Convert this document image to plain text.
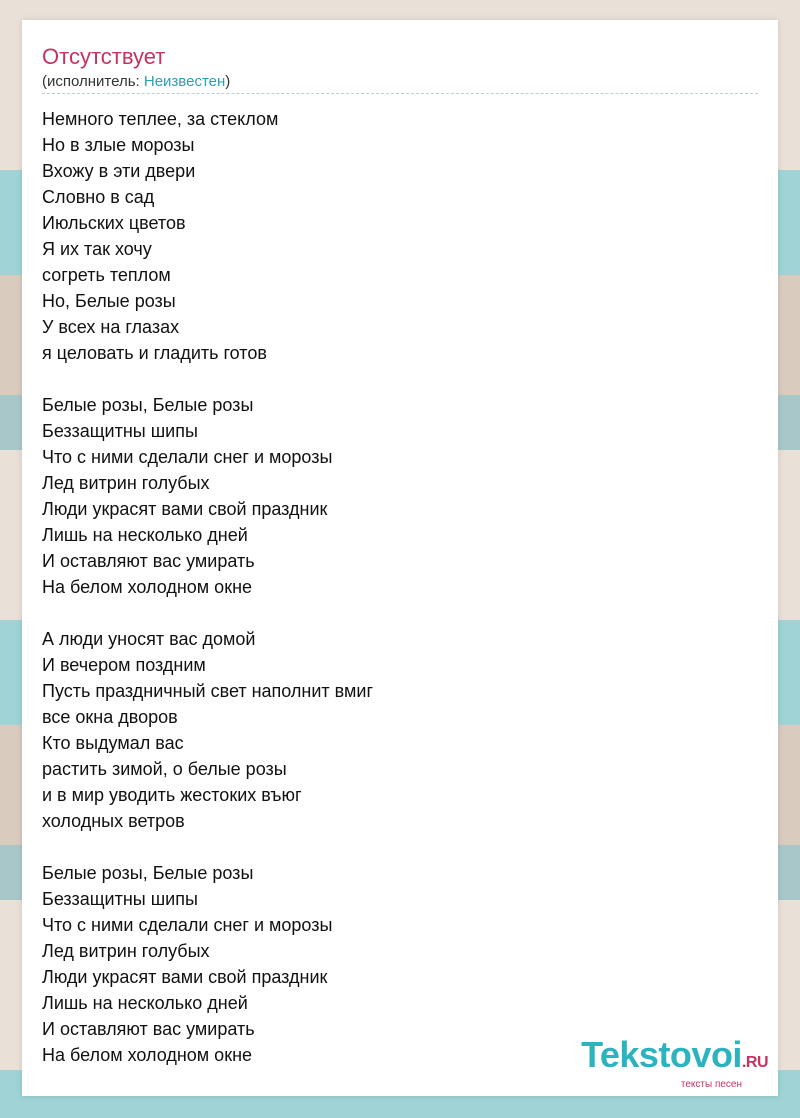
Отсутствует
(исполнитель: Неизвестен)
Немного теплее, за стеклом
Но в злые морозы
Вхожу в эти двери
Словно в сад
Июльских цветов
Я их так хочу
согреть теплом
Но, Белые розы
У всех на глазах
я целовать и гладить готов
Белые розы, Белые розы
Беззащитны шипы
Что с ними сделали снег и морозы
Лед витрин голубых
Люди украсят вами свой праздник
Лишь на несколько дней
И оставляют вас умирать
На белом холодном окне
А люди уносят вас домой
И вечером поздним
Пусть праздничный свет наполнит вмиг
все окна дворов
Кто выдумал вас
растить зимой, о белые розы
и в мир уводить жестоких въюг
холодных ветров
Белые розы, Белые розы
Беззащитны шипы
Что с ними сделали снег и морозы
Лед витрин голубых
Люди украсят вами свой праздник
Лишь на несколько дней
И оставляют вас умирать
На белом холодном окне	Tekstovoi.RU
тексты песен
